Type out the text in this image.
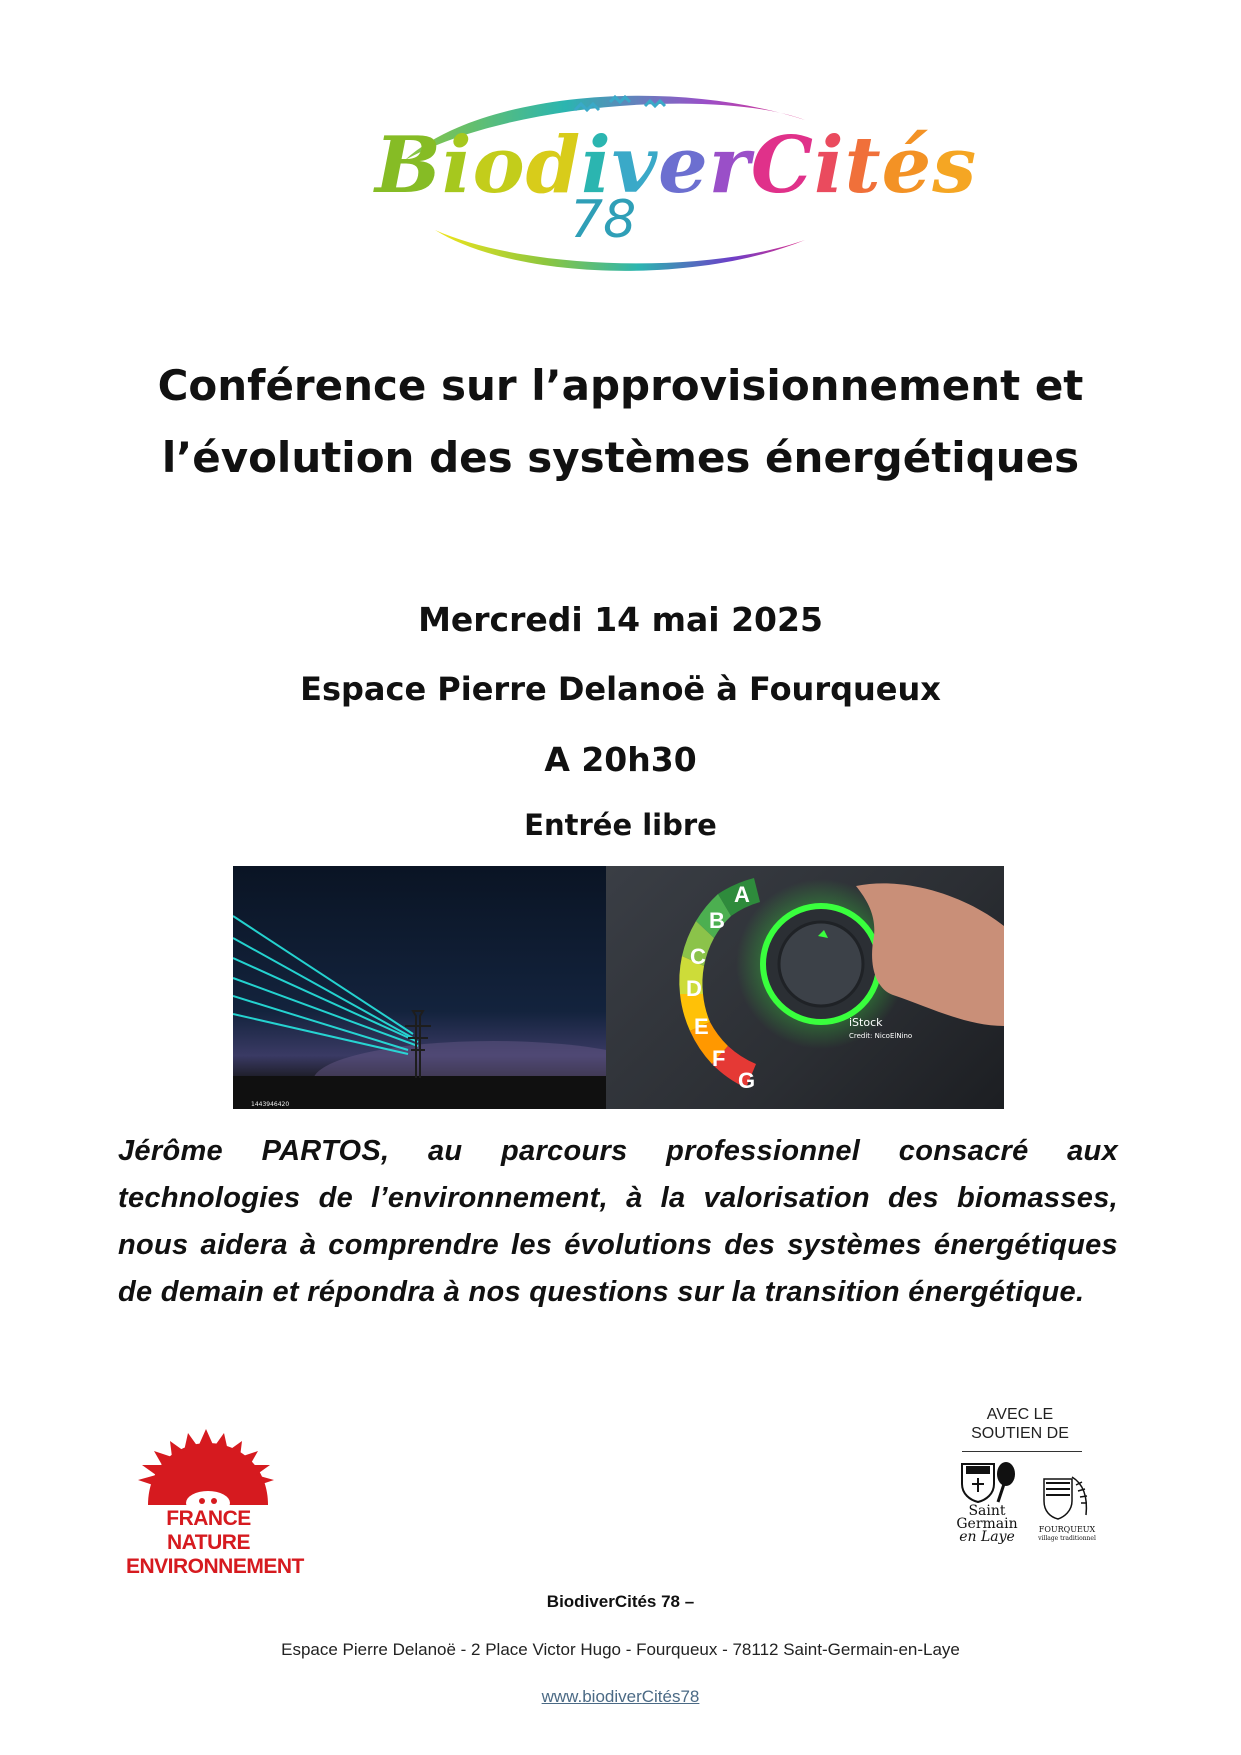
BiodiverCités
78
Conférence sur l’approvisionnement et
l’évolution des systèmes énergétiques
Mercredi 14 mai 2025
Espace Pierre Delanoë à Fourqueux
A 20h30
Entrée libre
1443946420
A
B
C
D
E
F
G
iStock
Credit: NicoElNino

Jérôme PARTOS, au parcours professionnel consacré aux technologies de l’environnement, à la valorisation des biomasses, nous aidera à comprendre les évolutions des systèmes énergétiques de demain et répondra à nos questions sur la transition énergétique.

FRANCE NATURE
ENVIRONNEMENT
AVEC LE
SOUTIEN DE
Saint
Germain
en Laye	FOURQUEUX
village traditionnel
BiodiverCités 78 –
Espace Pierre Delanoë - 2 Place Victor Hugo - Fourqueux - 78112 Saint-Germain-en-Laye
www.biodiverCités78
